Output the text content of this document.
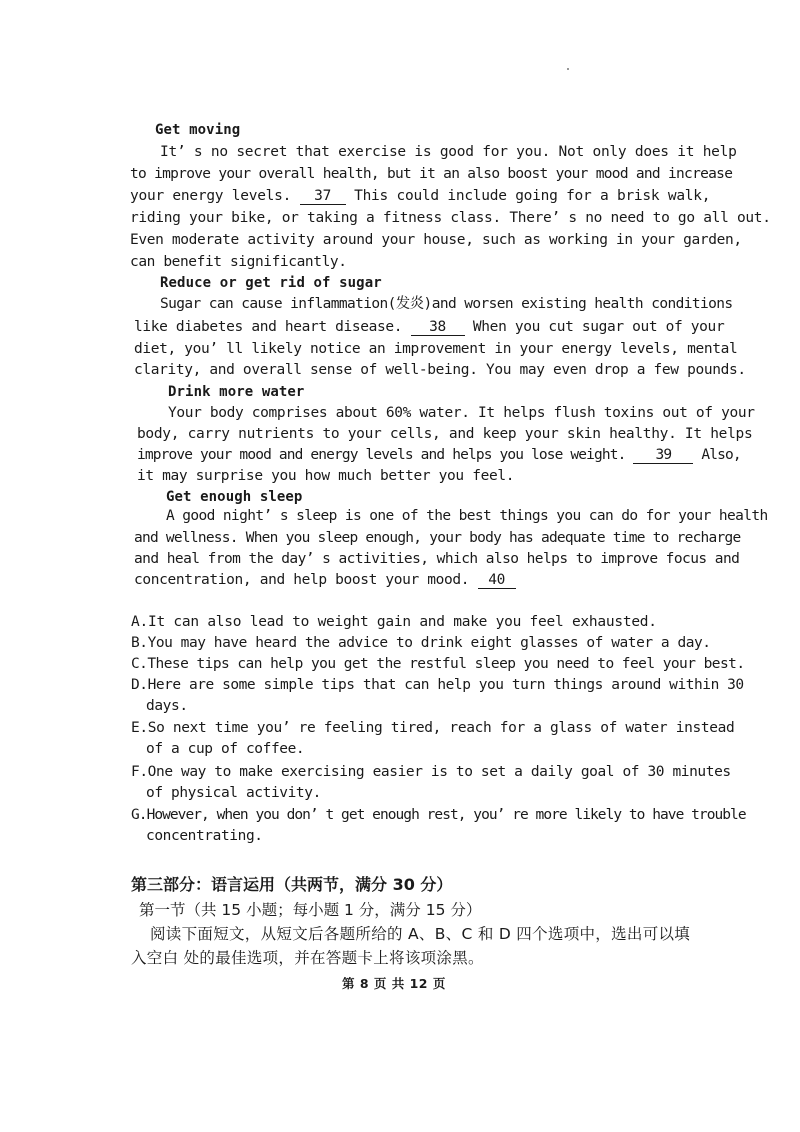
Get moving
It’ s no secret that exercise is good for you. Not only does it help
to improve your overall health, but it an also boost your mood and increase
your energy levels. 37 This could include going for a brisk walk,
riding your bike, or taking a fitness class. There’ s no need to go all out.
Even moderate activity around your house, such as working in your garden,
can benefit significantly.
Reduce or get rid of sugar
Sugar can cause inflammation(发炎)and worsen existing health conditions
like diabetes and heart disease. 38 When you cut sugar out of your
diet, you’ ll likely notice an improvement in your energy levels, mental
clarity, and overall sense of well-being. You may even drop a few pounds.
Drink more water
Your body comprises about 60% water. It helps flush toxins out of your
body, carry nutrients to your cells, and keep your skin healthy. It helps
improve your mood and energy levels and helps you lose weight. 39 Also,
it may surprise you how much better you feel.
Get enough sleep
A good night’ s sleep is one of the best things you can do for your health
and wellness. When you sleep enough, your body has adequate time to recharge
and heal from the day’ s activities, which also helps to improve focus and
concentration, and help boost your mood. 40
A.It can also lead to weight gain and make you feel exhausted.
B.You may have heard the advice to drink eight glasses of water a day.
C.These tips can help you get the restful sleep you need to feel your best.
D.Here are some simple tips that can help you turn things around within 30
days.
E.So next time you’ re feeling tired, reach for a glass of water instead
of a cup of coffee.
F.One way to make exercising easier is to set a daily goal of 30 minutes
of physical activity.
G.However, when you don’ t get enough rest, you’ re more likely to have trouble
concentrating.
第三部分：语言运用（共两节，满分 30 分）
第一节（共 15 小题；每小题 1 分，满分 15 分）
阅读下面短文，从短文后各题所给的 A、B、C 和 D 四个选项中，选出可以填
入空白 处的最佳选项，并在答题卡上将该项涂黑。
第 8 页 共 12 页
